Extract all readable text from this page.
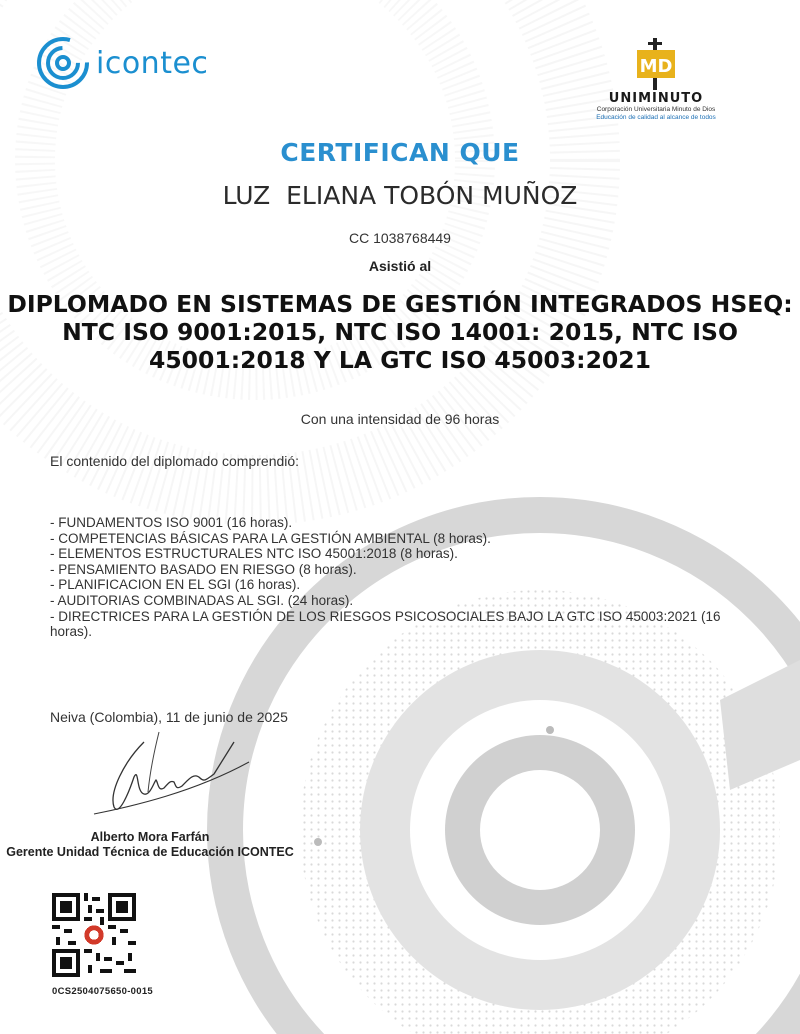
icontec	MD
UNIMINUTO
Corporación Universitaria Minuto de Dios
Educación de calidad al alcance de todos
CERTIFICAN QUE
LUZ  ELIANA TOBÓN MUÑOZ
CC 1038768449
Asistió al
DIPLOMADO EN SISTEMAS DE GESTIÓN INTEGRADOS HSEQ: NTC ISO 9001:2015, NTC ISO 14001: 2015, NTC ISO 45001:2018 Y LA GTC ISO 45003:2021
Con una intensidad de 96 horas
El contenido del diplomado comprendió:
- FUNDAMENTOS ISO 9001 (16 horas).
- COMPETENCIAS BÁSICAS PARA LA GESTIÓN AMBIENTAL (8 horas).
- ELEMENTOS ESTRUCTURALES NTC ISO 45001:2018 (8 horas).
- PENSAMIENTO BASADO EN RIESGO (8 horas).
- PLANIFICACION EN EL SGI (16 horas).
- AUDITORIAS COMBINADAS AL SGI. (24 horas).
- DIRECTRICES PARA LA GESTIÓN DE LOS RIESGOS PSICOSOCIALES BAJO LA GTC ISO 45003:2021 (16 horas).
Neiva (Colombia), 11 de junio de 2025
Alberto Mora Farfán
Gerente Unidad Técnica de Educación ICONTEC
0CS2504075650-0015
